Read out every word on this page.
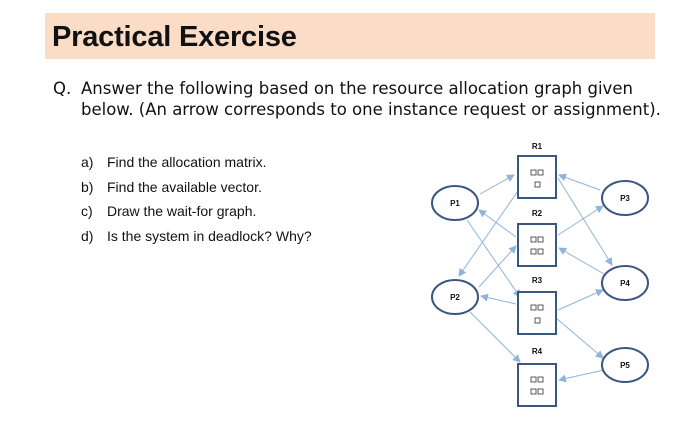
Practical Exercise
Q. Answer the following based on the resource allocation graph given below. (An arrow corresponds to one instance request or assignment).
a) Find the allocation matrix.
b) Find the available vector.
c) Draw the wait-for graph.
d) Is the system in deadlock? Why?
P1
P2
P3
P4
P5
R1
R2
R3
R4
